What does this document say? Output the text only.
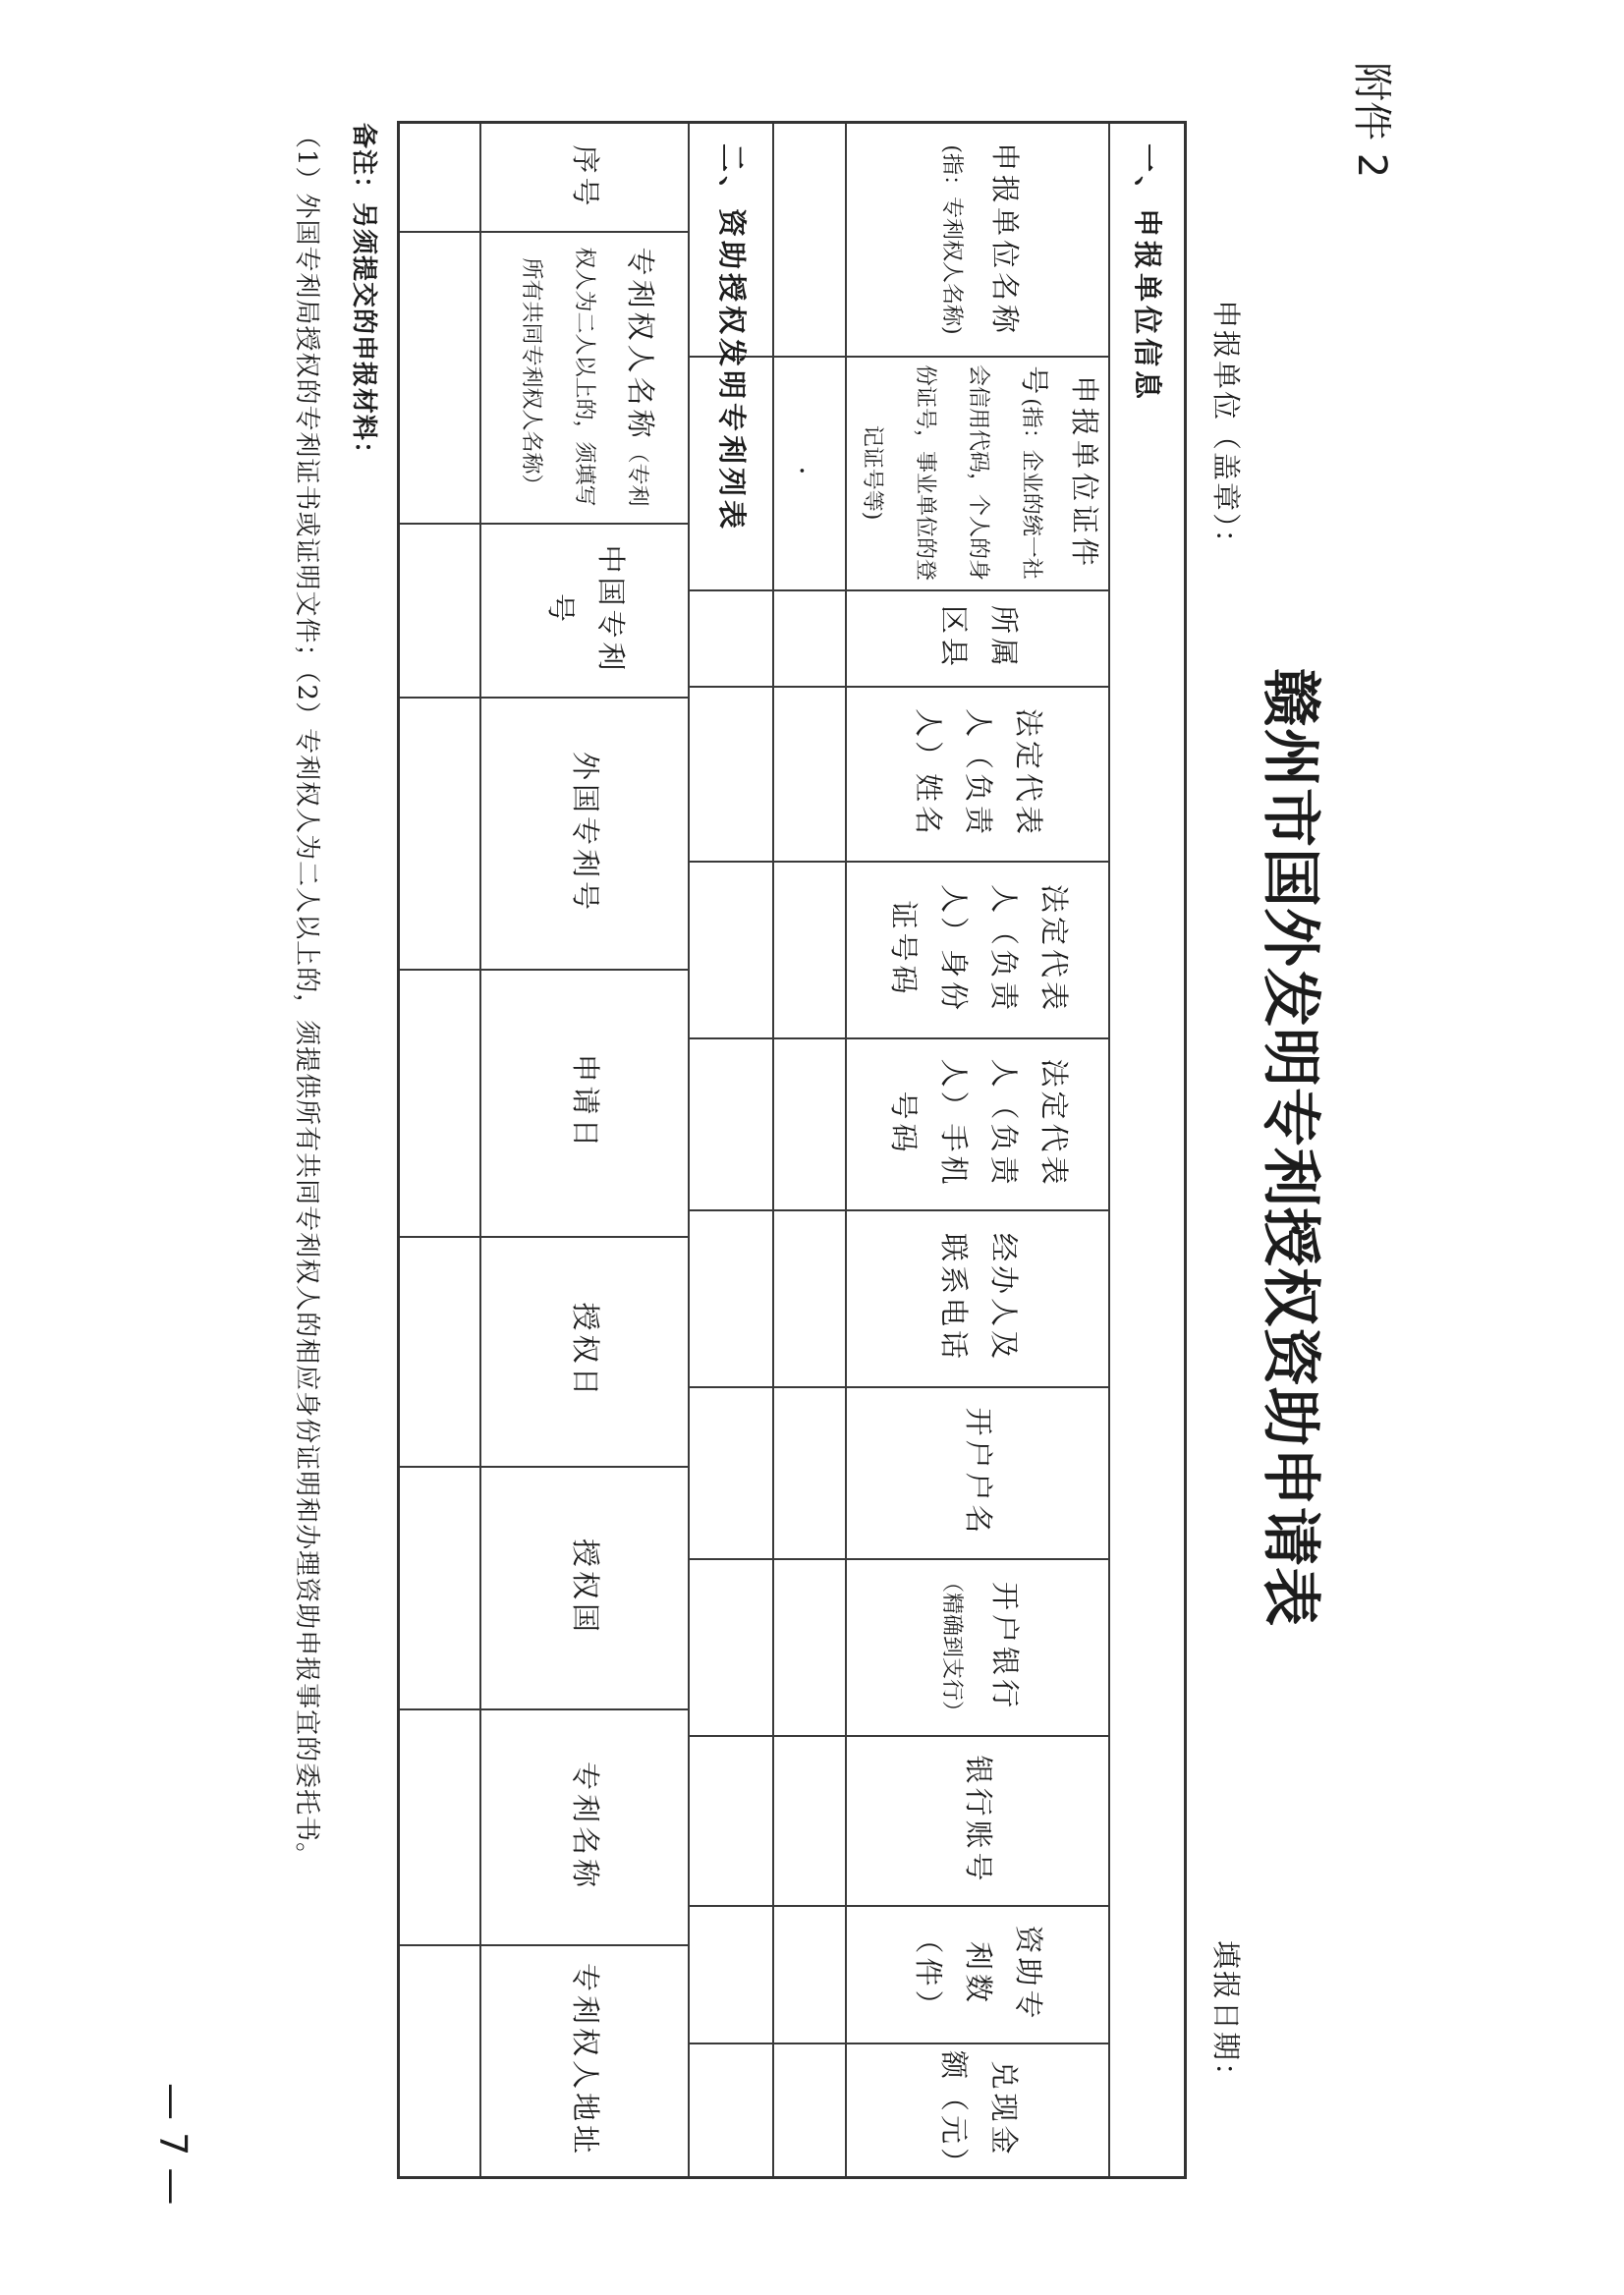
附件 2
赣州市国外发明专利授权资助申请表
申报单位（盖章）：
填报日期：
一、申报单位信息
申报单位名称(指：专利权人名称)
申报单位证件号(指：企业的统一社会信用代码，个人的身份证号，事业单位的登记证号等)
所属区县
法定代表人（负责人）姓名
法定代表人（负责人）身份证号码
法定代表人（负责人）手机号码
经办人及联系电话
开户户名
开户银行（精确到支行）
银行账号
资助专利数（件）
兑现金额（元）
.
二、资助授权发明专利列表
序号
专利权人名称（专利权人为二人以上的，须填写所有共同专利权人名称）
中国专利号
外国专利号
申请日
授权日
授权国
专利名称
专利权人地址
备注：另须提交的申报材料：
（1）外国专利局授权的专利证书或证明文件；（2）专利权人为二人以上的，须提供所有共同专利权人的相应身份证明和办理资助申报事宜的委托书。
— 7 —
